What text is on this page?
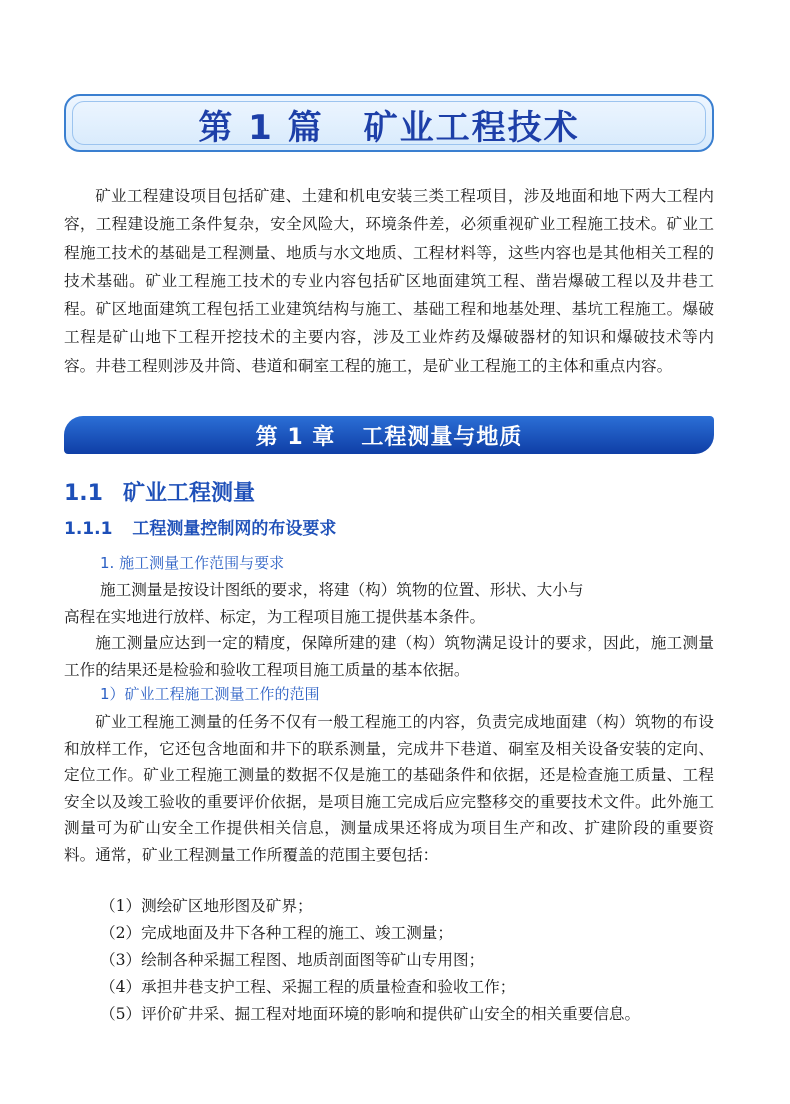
第 1 篇 矿业工程技术

矿业工程建设项目包括矿建、土建和机电安装三类工程项目，涉及地面和地下两大工程内容，工程建设施工条件复杂，安全风险大，环境条件差，必须重视矿业工程施工技术。矿业工程施工技术的基础是工程测量、地质与水文地质、工程材料等，这些内容也是其他相关工程的技术基础。矿业工程施工技术的专业内容包括矿区地面建筑工程、凿岩爆破工程以及井巷工程。矿区地面建筑工程包括工业建筑结构与施工、基础工程和地基处理、基坑工程施工。爆破工程是矿山地下工程开挖技术的主要内容，涉及工业炸药及爆破器材的知识和爆破技术等内容。井巷工程则涉及井筒、巷道和硐室工程的施工，是矿业工程施工的主体和重点内容。

第 1 章 工程测量与地质
1.1 矿业工程测量
1.1.1 工程测量控制网的布设要求
1. 施工测量工作范围与要求
施工测量是按设计图纸的要求，将建（构）筑物的位置、形状、大小与
高程在实地进行放样、标定，为工程项目施工提供基本条件。

施工测量应达到一定的精度，保障所建的建（构）筑物满足设计的要求，因此，施工测量工作的结果还是检验和验收工程项目施工质量的基本依据。

1）矿业工程施工测量工作的范围

矿业工程施工测量的任务不仅有一般工程施工的内容，负责完成地面建（构）筑物的布设和放样工作，它还包含地面和井下的联系测量，完成井下巷道、硐室及相关设备安装的定向、定位工作。矿业工程施工测量的数据不仅是施工的基础条件和依据，还是检查施工质量、工程安全以及竣工验收的重要评价依据，是项目施工完成后应完整移交的重要技术文件。此外施工测量可为矿山安全工作提供相关信息，测量成果还将成为项目生产和改、扩建阶段的重要资料。通常，矿业工程测量工作所覆盖的范围主要包括：

（1）测绘矿区地形图及矿界；
（2）完成地面及井下各种工程的施工、竣工测量；
（3）绘制各种采掘工程图、地质剖面图等矿山专用图；
（4）承担井巷支护工程、采掘工程的质量检查和验收工作；
（5）评价矿井采、掘工程对地面环境的影响和提供矿山安全的相关重要信息。
